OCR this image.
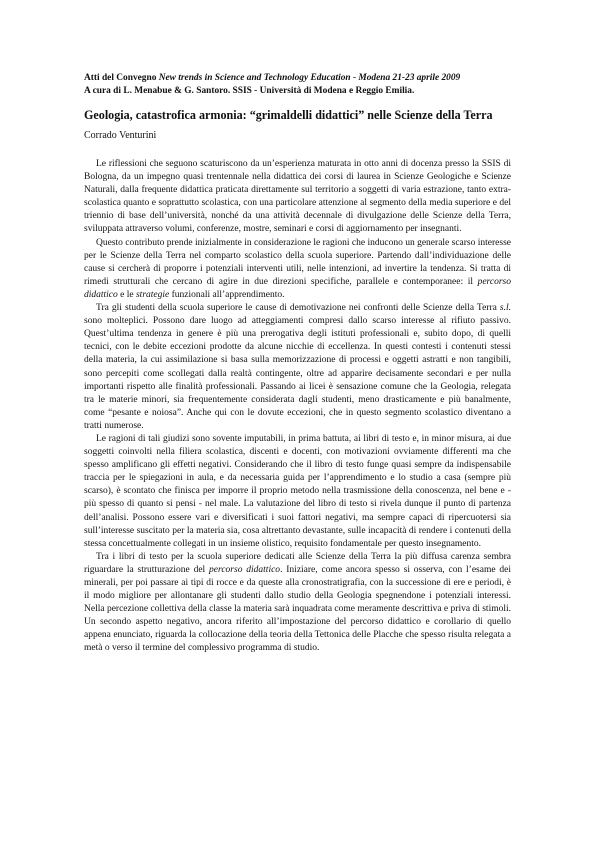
Atti del Convegno New trends in Science and Technology Education - Modena 21-23 aprile 2009
A cura di L. Menabue & G. Santoro. SSIS - Università di Modena e Reggio Emilia.

Geologia, catastrofica armonia: “grimaldelli didattici” nelle Scienze della Terra

Corrado Venturini

Le riflessioni che seguono scaturiscono da un’esperienza maturata in otto anni di docenza presso la SSIS di Bologna, da un impegno quasi trentennale nella didattica dei corsi di laurea in Scienze Geologiche e Scienze Naturali, dalla frequente didattica praticata direttamente sul territorio a soggetti di varia estrazione, tanto extra-scolastica quanto e soprattutto scolastica, con una particolare attenzione al segmento della media superiore e del triennio di base dell’università, nonché da una attività decennale di divulgazione delle Scienze della Terra, sviluppata attraverso volumi, conferenze, mostre, seminari e corsi di aggiornamento per insegnanti.

Questo contributo prende inizialmente in considerazione le ragioni che inducono un generale scarso interesse per le Scienze della Terra nel comparto scolastico della scuola superiore. Partendo dall’individuazione delle cause si cercherà di proporre i potenziali interventi utili, nelle intenzioni, ad invertire la tendenza. Si tratta di rimedi strutturali che cercano di agire in due direzioni specifiche, parallele e contemporanee: il percorso didattico e le strategie funzionali all’apprendimento.

Tra gli studenti della scuola superiore le cause di demotivazione nei confronti delle Scienze della Terra s.l. sono molteplici. Possono dare luogo ad atteggiamenti compresi dallo scarso interesse al rifiuto passivo. Quest’ultima tendenza in genere è più una prerogativa degli istituti professionali e, subito dopo, di quelli tecnici, con le debite eccezioni prodotte da alcune nicchie di eccellenza. In questi contesti i contenuti stessi della materia, la cui assimilazione si basa sulla memorizzazione di processi e oggetti astratti e non tangibili, sono percepiti come scollegati dalla realtà contingente, oltre ad apparire decisamente secondari e per nulla importanti rispetto alle finalità professionali. Passando ai licei è sensazione comune che la Geologia, relegata tra le materie minori, sia frequentemente considerata dagli studenti, meno drasticamente e più banalmente, come “pesante e noiosa”. Anche qui con le dovute eccezioni, che in questo segmento scolastico diventano a tratti numerose.

Le ragioni di tali giudizi sono sovente imputabili, in prima battuta, ai libri di testo e, in minor misura, ai due soggetti coinvolti nella filiera scolastica, discenti e docenti, con motivazioni ovviamente differenti ma che spesso amplificano gli effetti negativi. Considerando che il libro di testo funge quasi sempre da indispensabile traccia per le spiegazioni in aula, e da necessaria guida per l’apprendimento e lo studio a casa (sempre più scarso), è scontato che finisca per imporre il proprio metodo nella trasmissione della conoscenza, nel bene e - più spesso di quanto si pensi - nel male. La valutazione del libro di testo si rivela dunque il punto di partenza dell’analisi. Possono essere vari e diversificati i suoi fattori negativi, ma sempre capaci di ripercuotersi sia sull’interesse suscitato per la materia sia, cosa altrettanto devastante, sulle incapacità di rendere i contenuti della stessa concettualmente collegati in un insieme olistico, requisito fondamentale per questo insegnamento.

Tra i libri di testo per la scuola superiore dedicati alle Scienze della Terra la più diffusa carenza sembra riguardare la strutturazione del percorso didattico. Iniziare, come ancora spesso si osserva, con l’esame dei minerali, per poi passare ai tipi di rocce e da queste alla cronostratigrafia, con la successione di ere e periodi, è il modo migliore per allontanare gli studenti dallo studio della Geologia spegnendone i potenziali interessi. Nella percezione collettiva della classe la materia sarà inquadrata come meramente descrittiva e priva di stimoli. Un secondo aspetto negativo, ancora riferito all’impostazione del percorso didattico e corollario di quello appena enunciato, riguarda la collocazione della teoria della Tettonica delle Placche che spesso risulta relegata a metà o verso il termine del complessivo programma di studio.
